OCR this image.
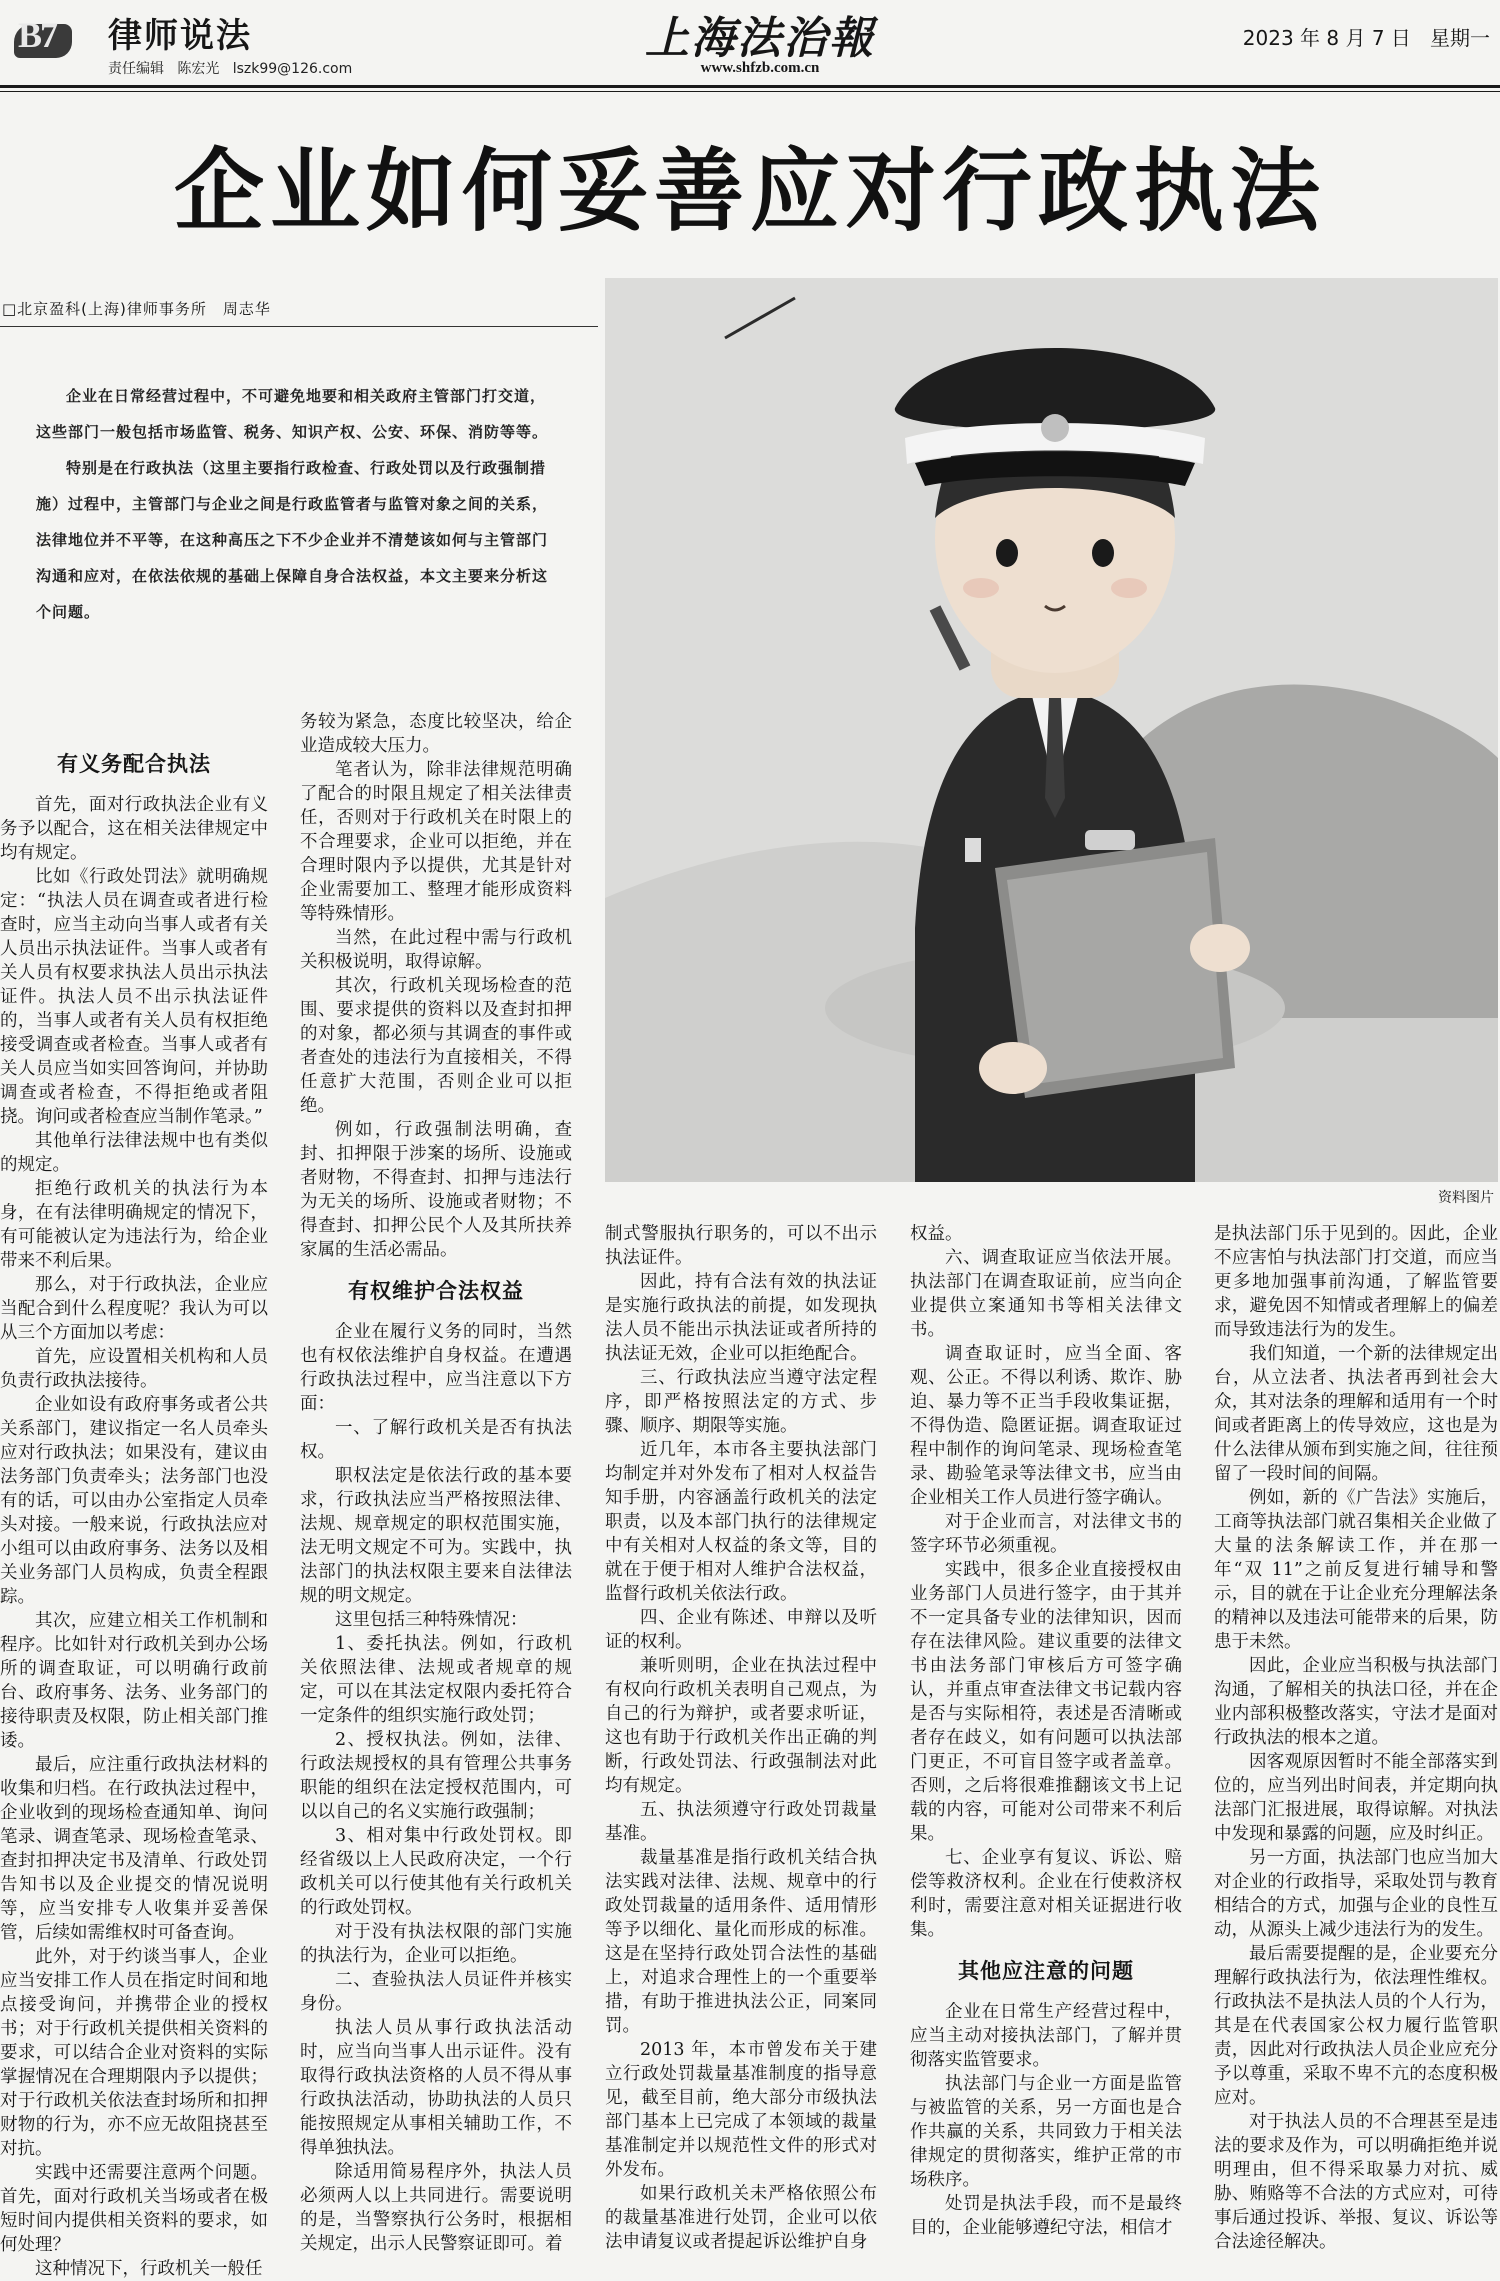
B7 律师说法
责任编辑 陈宏光 lszk99@126.com
上海法治報
www.shfzb.com.cn
2023 年 8 月 7 日 星期一
企业如何妥善应对行政执法
□北京盈科(上海)律师事务所　周志华

企业在日常经营过程中，不可避免地要和相关政府主管部门打交道，这些部门一般包括市场监管、税务、知识产权、公安、环保、消防等等。

特别是在行政执法（这里主要指行政检查、行政处罚以及行政强制措施）过程中，主管部门与企业之间是行政监管者与监管对象之间的关系，法律地位并不平等，在这种高压之下不少企业并不清楚该如何与主管部门沟通和应对，在依法依规的基础上保障自身合法权益，本文主要来分析这个问题。

资料图片
有义务配合执法

首先，面对行政执法企业有义务予以配合，这在相关法律规定中均有规定。

比如《行政处罚法》就明确规定：“执法人员在调查或者进行检查时，应当主动向当事人或者有关人员出示执法证件。当事人或者有关人员有权要求执法人员出示执法证件。执法人员不出示执法证件的，当事人或者有关人员有权拒绝接受调查或者检查。当事人或者有关人员应当如实回答询问，并协助调查或者检查，不得拒绝或者阻挠。询问或者检查应当制作笔录。”

其他单行法律法规中也有类似的规定。

拒绝行政机关的执法行为本身，在有法律明确规定的情况下，有可能被认定为违法行为，给企业带来不利后果。

那么，对于行政执法，企业应当配合到什么程度呢？我认为可以从三个方面加以考虑：

首先，应设置相关机构和人员负责行政执法接待。

企业如设有政府事务或者公共关系部门，建议指定一名人员牵头应对行政执法；如果没有，建议由法务部门负责牵头；法务部门也没有的话，可以由办公室指定人员牵头对接。一般来说，行政执法应对小组可以由政府事务、法务以及相关业务部门人员构成，负责全程跟踪。

其次，应建立相关工作机制和程序。比如针对行政机关到办公场所的调查取证，可以明确行政前台、政府事务、法务、业务部门的接待职责及权限，防止相关部门推诿。

最后，应注重行政执法材料的收集和归档。在行政执法过程中，企业收到的现场检查通知单、询问笔录、调查笔录、现场检查笔录、查封扣押决定书及清单、行政处罚告知书以及企业提交的情况说明等，应当安排专人收集并妥善保管，后续如需维权时可备查询。

此外，对于约谈当事人，企业应当安排工作人员在指定时间和地点接受询问，并携带企业的授权书；对于行政机关提供相关资料的要求，可以结合企业对资料的实际掌握情况在合理期限内予以提供；对于行政机关依法查封场所和扣押财物的行为，亦不应无故阻挠甚至对抗。

实践中还需要注意两个问题。首先，面对行政机关当场或者在极短时间内提供相关资料的要求，如何处理？

这种情况下，行政机关一般任

务较为紧急，态度比较坚决，给企业造成较大压力。

笔者认为，除非法律规范明确了配合的时限且规定了相关法律责任，否则对于行政机关在时限上的不合理要求，企业可以拒绝，并在合理时限内予以提供，尤其是针对企业需要加工、整理才能形成资料等特殊情形。

当然，在此过程中需与行政机关积极说明，取得谅解。

其次，行政机关现场检查的范围、要求提供的资料以及查封扣押的对象，都必须与其调查的事件或者查处的违法行为直接相关，不得任意扩大范围，否则企业可以拒绝。

例如，行政强制法明确，查封、扣押限于涉案的场所、设施或者财物，不得查封、扣押与违法行为无关的场所、设施或者财物；不得查封、扣押公民个人及其所扶养家属的生活必需品。

有权维护合法权益

企业在履行义务的同时，当然也有权依法维护自身权益。在遭遇行政执法过程中，应当注意以下方面：

一、了解行政机关是否有执法权。

职权法定是依法行政的基本要求，行政执法应当严格按照法律、法规、规章规定的职权范围实施，法无明文规定不可为。实践中，执法部门的执法权限主要来自法律法规的明文规定。

这里包括三种特殊情况：

1、委托执法。例如，行政机关依照法律、法规或者规章的规定，可以在其法定权限内委托符合一定条件的组织实施行政处罚；

2、授权执法。例如，法律、行政法规授权的具有管理公共事务职能的组织在法定授权范围内，可以以自己的名义实施行政强制；

3、相对集中行政处罚权。即经省级以上人民政府决定，一个行政机关可以行使其他有关行政机关的行政处罚权。

对于没有执法权限的部门实施的执法行为，企业可以拒绝。

二、查验执法人员证件并核实身份。

执法人员从事行政执法活动时，应当向当事人出示证件。没有取得行政执法资格的人员不得从事行政执法活动，协助执法的人员只能按照规定从事相关辅助工作，不得单独执法。

除适用简易程序外，执法人员必须两人以上共同进行。需要说明的是，当警察执行公务时，根据相关规定，出示人民警察证即可。着

制式警服执行职务的，可以不出示执法证件。

因此，持有合法有效的执法证是实施行政执法的前提，如发现执法人员不能出示执法证或者所持的执法证无效，企业可以拒绝配合。

三、行政执法应当遵守法定程序，即严格按照法定的方式、步骤、顺序、期限等实施。

近几年，本市各主要执法部门均制定并对外发布了相对人权益告知手册，内容涵盖行政机关的法定职责，以及本部门执行的法律规定中有关相对人权益的条文等，目的就在于便于相对人维护合法权益，监督行政机关依法行政。

四、企业有陈述、申辩以及听证的权利。

兼听则明，企业在执法过程中有权向行政机关表明自己观点，为自己的行为辩护，或者要求听证，这也有助于行政机关作出正确的判断，行政处罚法、行政强制法对此均有规定。

五、执法须遵守行政处罚裁量基准。

裁量基准是指行政机关结合执法实践对法律、法规、规章中的行政处罚裁量的适用条件、适用情形等予以细化、量化而形成的标准。这是在坚持行政处罚合法性的基础上，对追求合理性上的一个重要举措，有助于推进执法公正，同案同罚。

2013 年，本市曾发布关于建立行政处罚裁量基准制度的指导意见，截至目前，绝大部分市级执法部门基本上已完成了本领域的裁量基准制定并以规范性文件的形式对外发布。

如果行政机关未严格依照公布的裁量基准进行处罚，企业可以依法申请复议或者提起诉讼维护自身

权益。

六、调查取证应当依法开展。执法部门在调查取证前，应当向企业提供立案通知书等相关法律文书。

调查取证时，应当全面、客观、公正。不得以利诱、欺诈、胁迫、暴力等不正当手段收集证据，不得伪造、隐匿证据。调查取证过程中制作的询问笔录、现场检查笔录、勘验笔录等法律文书，应当由企业相关工作人员进行签字确认。

对于企业而言，对法律文书的签字环节必须重视。

实践中，很多企业直接授权由业务部门人员进行签字，由于其并不一定具备专业的法律知识，因而存在法律风险。建议重要的法律文书由法务部门审核后方可签字确认，并重点审查法律文书记载内容是否与实际相符，表述是否清晰或者存在歧义，如有问题可以执法部门更正，不可盲目签字或者盖章。否则，之后将很难推翻该文书上记载的内容，可能对公司带来不利后果。

七、企业享有复议、诉讼、赔偿等救济权利。企业在行使救济权利时，需要注意对相关证据进行收集。

其他应注意的问题

企业在日常生产经营过程中，应当主动对接执法部门，了解并贯彻落实监管要求。

执法部门与企业一方面是监管与被监管的关系，另一方面也是合作共赢的关系，共同致力于相关法律规定的贯彻落实，维护正常的市场秩序。

处罚是执法手段，而不是最终目的，企业能够遵纪守法，相信才

是执法部门乐于见到的。因此，企业不应害怕与执法部门打交道，而应当更多地加强事前沟通，了解监管要求，避免因不知情或者理解上的偏差而导致违法行为的发生。

我们知道，一个新的法律规定出台，从立法者、执法者再到社会大众，其对法条的理解和适用有一个时间或者距离上的传导效应，这也是为什么法律从颁布到实施之间，往往预留了一段时间的间隔。

例如，新的《广告法》实施后，工商等执法部门就召集相关企业做了大量的法条解读工作，并在那一年“双 11”之前反复进行辅导和警示，目的就在于让企业充分理解法条的精神以及违法可能带来的后果，防患于未然。

因此，企业应当积极与执法部门沟通，了解相关的执法口径，并在企业内部积极整改落实，守法才是面对行政执法的根本之道。

因客观原因暂时不能全部落实到位的，应当列出时间表，并定期向执法部门汇报进展，取得谅解。对执法中发现和暴露的问题，应及时纠正。

另一方面，执法部门也应当加大对企业的行政指导，采取处罚与教育相结合的方式，加强与企业的良性互动，从源头上减少违法行为的发生。

最后需要提醒的是，企业要充分理解行政执法行为，依法理性维权。行政执法不是执法人员的个人行为，其是在代表国家公权力履行监管职责，因此对行政执法人员企业应充分予以尊重，采取不卑不亢的态度积极应对。

对于执法人员的不合理甚至是违法的要求及作为，可以明确拒绝并说明理由，但不得采取暴力对抗、威胁、贿赂等不合法的方式应对，可待事后通过投诉、举报、复议、诉讼等合法途径解决。
